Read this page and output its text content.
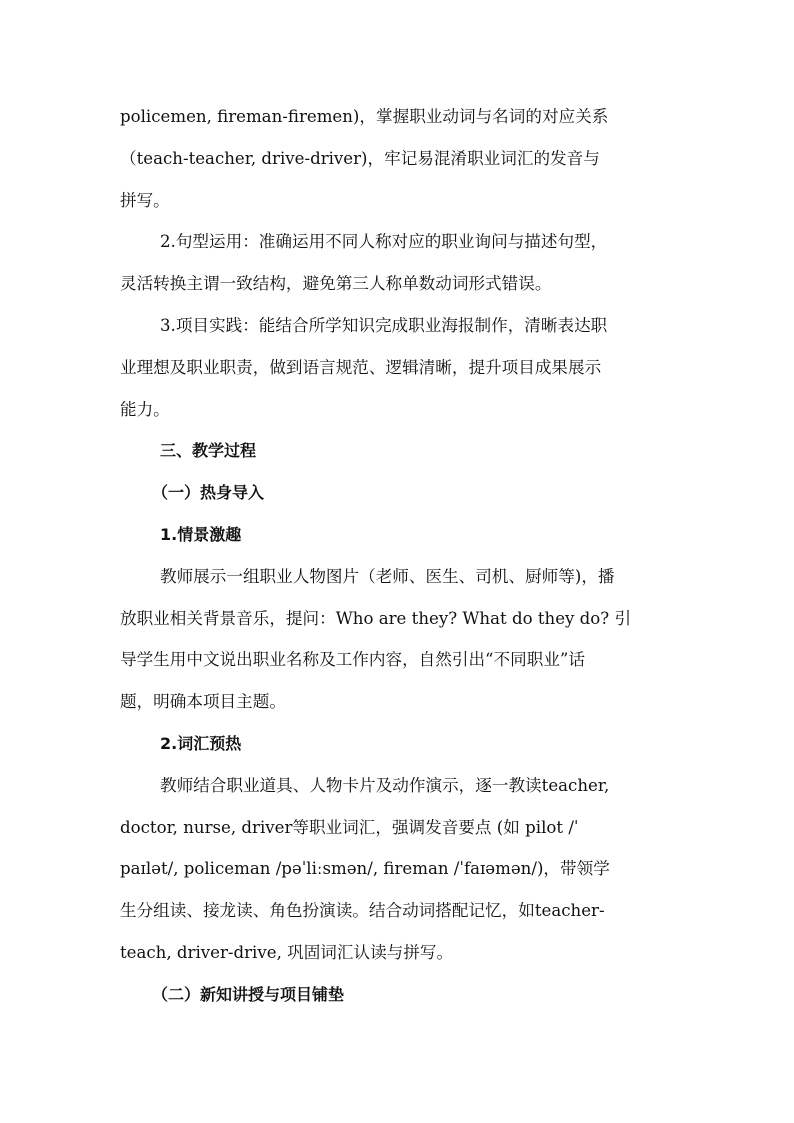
policemen, fireman-firemen)，掌握职业动词与名词的对应关系
（teach-teacher, drive-driver)，牢记易混淆职业词汇的发音与
拼写。
2.句型运用：准确运用不同人称对应的职业询问与描述句型，
灵活转换主谓一致结构，避免第三人称单数动词形式错误。
3.项目实践：能结合所学知识完成职业海报制作，清晰表达职
业理想及职业职责，做到语言规范、逻辑清晰，提升项目成果展示
能力。
三、教学过程
（一）热身导入
1.情景激趣
教师展示一组职业人物图片（老师、医生、司机、厨师等)，播
放职业相关背景音乐，提问：Who are they? What do they do? 引
导学生用中文说出职业名称及工作内容，自然引出“不同职业”话
题，明确本项目主题。
2.词汇预热
教师结合职业道具、人物卡片及动作演示，逐一教读teacher,
doctor, nurse, driver等职业词汇，强调发音要点 (如 pilot /ˈ
paɪlət/, policeman /pəˈliːsmən/, fireman /ˈfaɪəmən/)，带领学
生分组读、接龙读、角色扮演读。结合动词搭配记忆，如teacher-
teach, driver-drive, 巩固词汇认读与拼写。
（二）新知讲授与项目铺垫
